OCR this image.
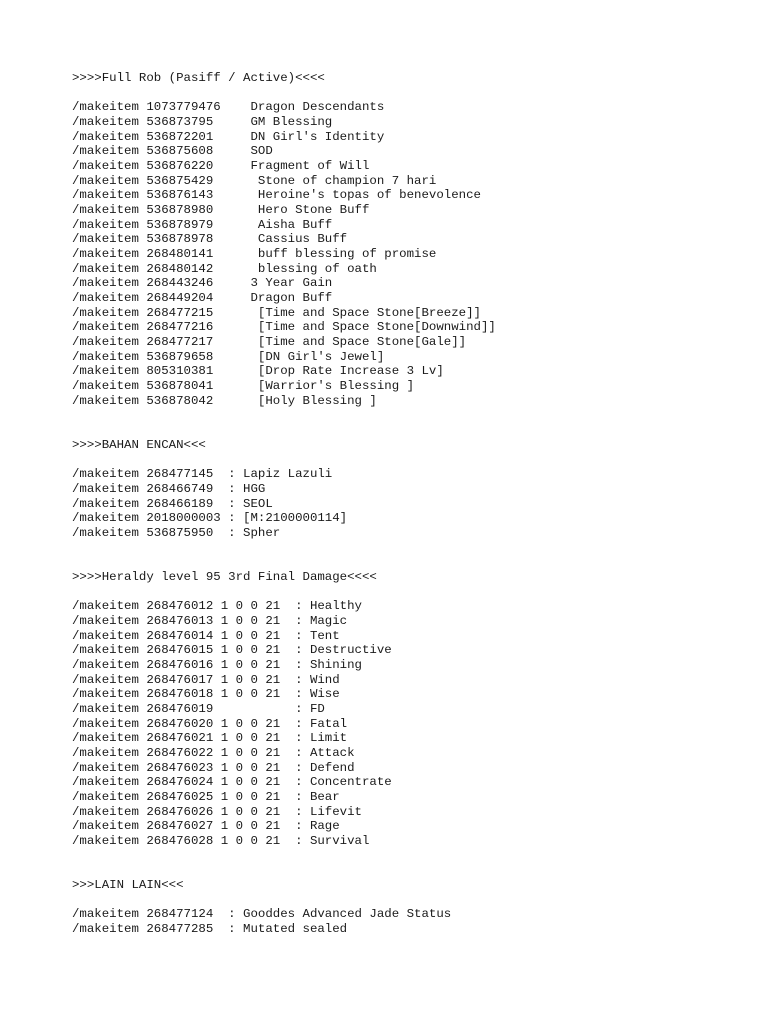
>>>>Full Rob (Pasiff / Active)<<<<
/makeitem 1073779476    Dragon Descendants
/makeitem 536873795     GM Blessing
/makeitem 536872201     DN Girl's Identity
/makeitem 536875608     SOD
/makeitem 536876220     Fragment of Will
/makeitem 536875429      Stone of champion 7 hari
/makeitem 536876143      Heroine's topas of benevolence
/makeitem 536878980      Hero Stone Buff
/makeitem 536878979      Aisha Buff
/makeitem 536878978      Cassius Buff
/makeitem 268480141      buff blessing of promise
/makeitem 268480142      blessing of oath
/makeitem 268443246     3 Year Gain
/makeitem 268449204     Dragon Buff
/makeitem 268477215      [Time and Space Stone[Breeze]]
/makeitem 268477216      [Time and Space Stone[Downwind]]
/makeitem 268477217      [Time and Space Stone[Gale]]
/makeitem 536879658      [DN Girl's Jewel]
/makeitem 805310381      [Drop Rate Increase 3 Lv]
/makeitem 536878041      [Warrior's Blessing ]
/makeitem 536878042      [Holy Blessing ]
>>>>BAHAN ENCAN<<<
/makeitem 268477145  : Lapiz Lazuli
/makeitem 268466749  : HGG
/makeitem 268466189  : SEOL
/makeitem 2018000003 : [M:2100000114]
/makeitem 536875950  : Spher
>>>>Heraldy level 95 3rd Final Damage<<<<
/makeitem 268476012 1 0 0 21  : Healthy
/makeitem 268476013 1 0 0 21  : Magic
/makeitem 268476014 1 0 0 21  : Tent
/makeitem 268476015 1 0 0 21  : Destructive
/makeitem 268476016 1 0 0 21  : Shining
/makeitem 268476017 1 0 0 21  : Wind
/makeitem 268476018 1 0 0 21  : Wise
/makeitem 268476019           : FD
/makeitem 268476020 1 0 0 21  : Fatal
/makeitem 268476021 1 0 0 21  : Limit
/makeitem 268476022 1 0 0 21  : Attack
/makeitem 268476023 1 0 0 21  : Defend
/makeitem 268476024 1 0 0 21  : Concentrate
/makeitem 268476025 1 0 0 21  : Bear
/makeitem 268476026 1 0 0 21  : Lifevit
/makeitem 268476027 1 0 0 21  : Rage
/makeitem 268476028 1 0 0 21  : Survival
>>>LAIN LAIN<<<
/makeitem 268477124  : Gooddes Advanced Jade Status
/makeitem 268477285  : Mutated sealed
